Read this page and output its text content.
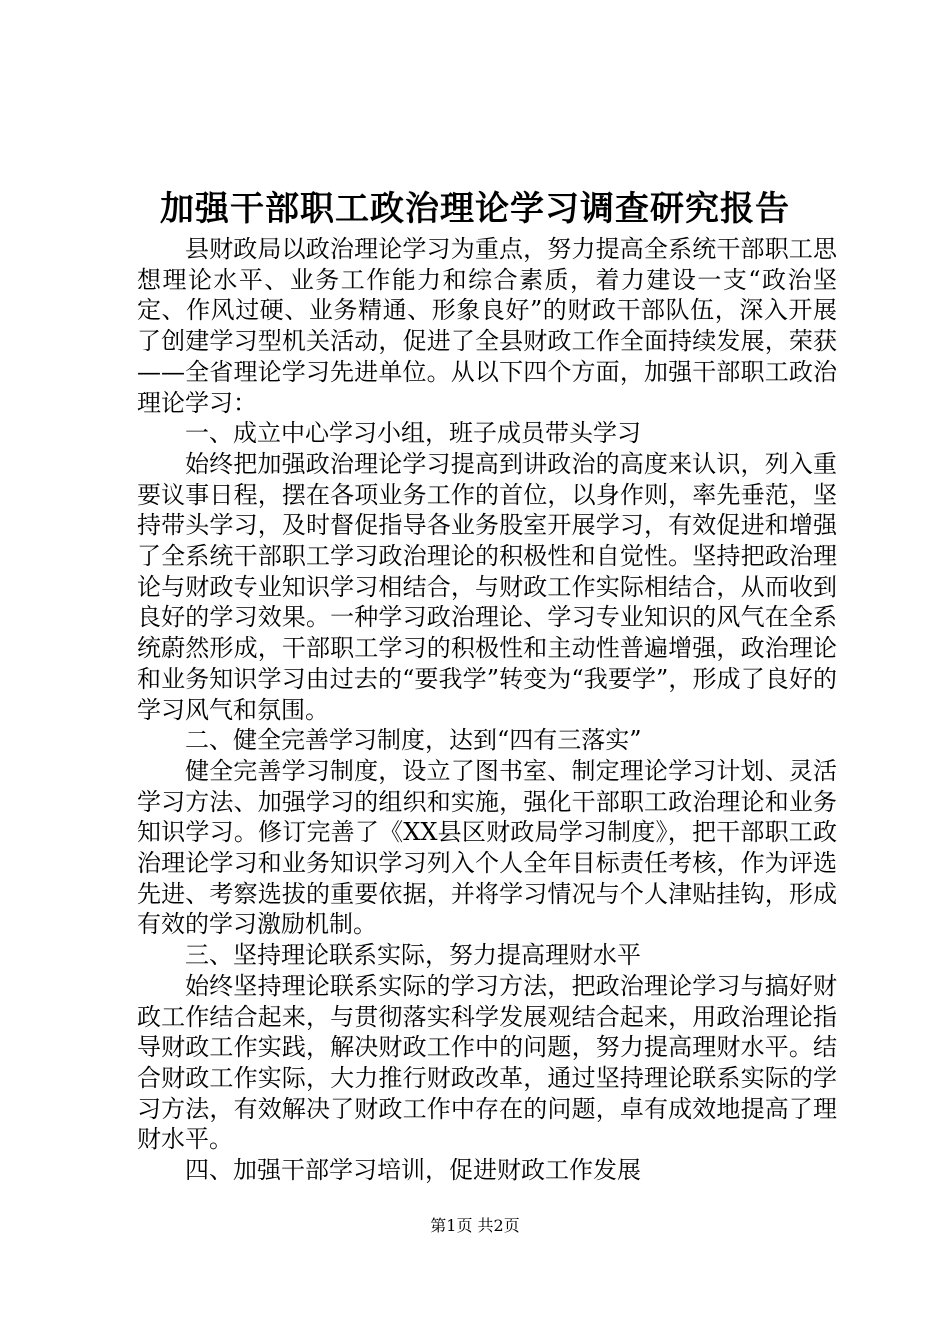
加强干部职工政治理论学习调查研究报告

县财政局以政治理论学习为重点，努力提高全系统干部职工思想理论水平、业务工作能力和综合素质，着力建设一支“政治坚定、作风过硬、业务精通、形象良好”的财政干部队伍，深入开展了创建学习型机关活动，促进了全县财政工作全面持续发展，荣获——全省理论学习先进单位。从以下四个方面，加强干部职工政治理论学习：

一、成立中心学习小组，班子成员带头学习

始终把加强政治理论学习提高到讲政治的高度来认识，列入重要议事日程，摆在各项业务工作的首位，以身作则，率先垂范，坚持带头学习，及时督促指导各业务股室开展学习，有效促进和增强了全系统干部职工学习政治理论的积极性和自觉性。坚持把政治理论与财政专业知识学习相结合，与财政工作实际相结合，从而收到良好的学习效果。一种学习政治理论、学习专业知识的风气在全系统蔚然形成，干部职工学习的积极性和主动性普遍增强，政治理论和业务知识学习由过去的“要我学”转变为“我要学”，形成了良好的学习风气和氛围。

二、健全完善学习制度，达到“四有三落实”

健全完善学习制度，设立了图书室、制定理论学习计划、灵活学习方法、加强学习的组织和实施，强化干部职工政治理论和业务知识学习。修订完善了《XX县区财政局学习制度》，把干部职工政治理论学习和业务知识学习列入个人全年目标责任考核，作为评选先进、考察选拔的重要依据，并将学习情况与个人津贴挂钩，形成有效的学习激励机制。

三、坚持理论联系实际，努力提高理财水平

始终坚持理论联系实际的学习方法，把政治理论学习与搞好财政工作结合起来，与贯彻落实科学发展观结合起来，用政治理论指导财政工作实践，解决财政工作中的问题，努力提高理财水平。结合财政工作实际，大力推行财政改革，通过坚持理论联系实际的学习方法，有效解决了财政工作中存在的问题，卓有成效地提高了理财水平。

四、加强干部学习培训，促进财政工作发展

第1页 共2页
